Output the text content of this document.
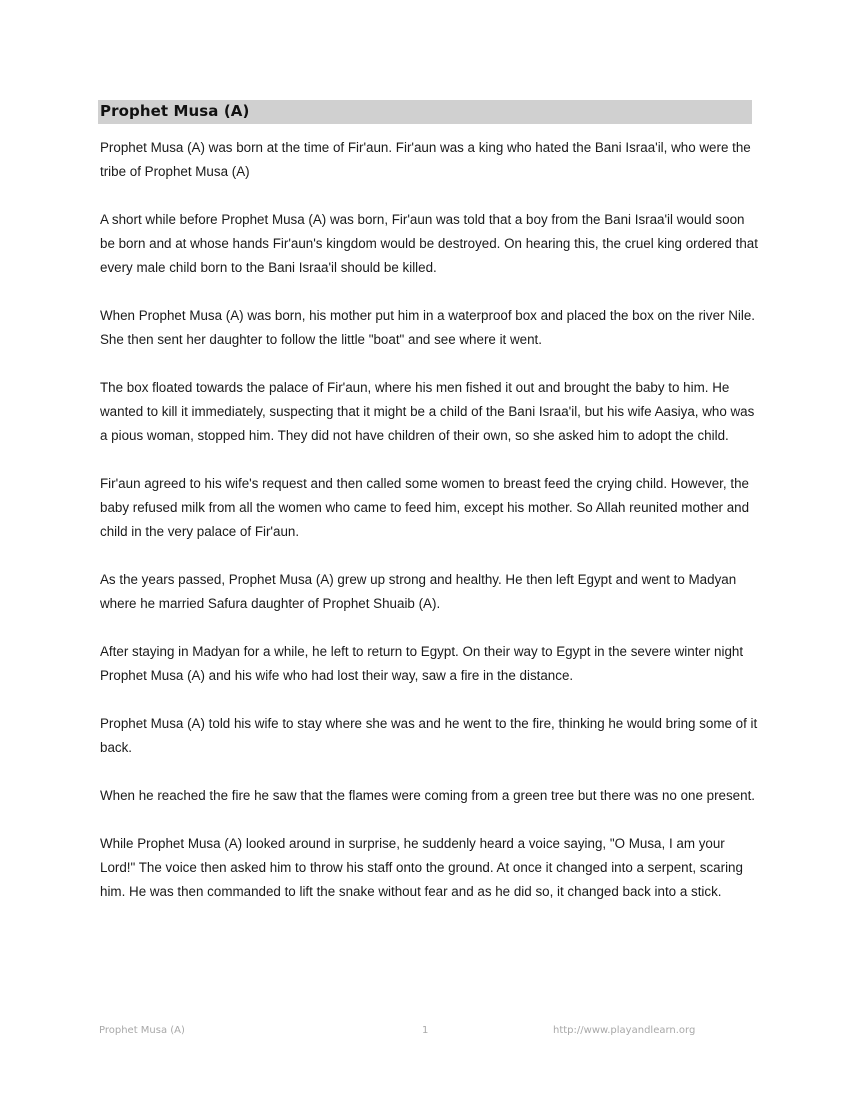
Prophet Musa (A)

Prophet Musa (A) was born at the time of Fir'aun. Fir'aun was a king who hated the Bani Israa'il, who were the tribe of Prophet Musa (A)

A short while before Prophet Musa (A) was born, Fir'aun was told that a boy from the Bani Israa'il would soon be born and at whose hands Fir'aun's kingdom would be destroyed. On hearing this, the cruel king ordered that every male child born to the Bani Israa'il should be killed.

When Prophet Musa (A) was born, his mother put him in a waterproof box and placed the box on the river Nile. She then sent her daughter to follow the little "boat" and see where it went.

The box floated towards the palace of Fir'aun, where his men fished it out and brought the baby to him. He wanted to kill it immediately, suspecting that it might be a child of the Bani Israa'il, but his wife Aasiya, who was a pious woman, stopped him. They did not have children of their own, so she asked him to adopt the child.

Fir'aun agreed to his wife's request and then called some women to breast feed the crying child. However, the baby refused milk from all the women who came to feed him, except his mother. So Allah reunited mother and child in the very palace of Fir'aun.

As the years passed, Prophet Musa (A) grew up strong and healthy. He then left Egypt and went to Madyan where he married Safura daughter of Prophet Shuaib (A).

After staying in Madyan for a while, he left to return to Egypt. On their way to Egypt in the severe winter night Prophet Musa (A) and his wife who had lost their way, saw a fire in the distance.

Prophet Musa (A) told his wife to stay where she was and he went to the fire, thinking he would bring some of it back.

When he reached the fire he saw that the flames were coming from a green tree but there was no one present.

While Prophet Musa (A) looked around in surprise, he suddenly heard a voice saying, "O Musa, I am your Lord!" The voice then asked him to throw his staff onto the ground. At once it changed into a serpent, scaring him. He was then commanded to lift the snake without fear and as he did so, it changed back into a stick.

Prophet Musa (A)	1	http://www.playandlearn.org
